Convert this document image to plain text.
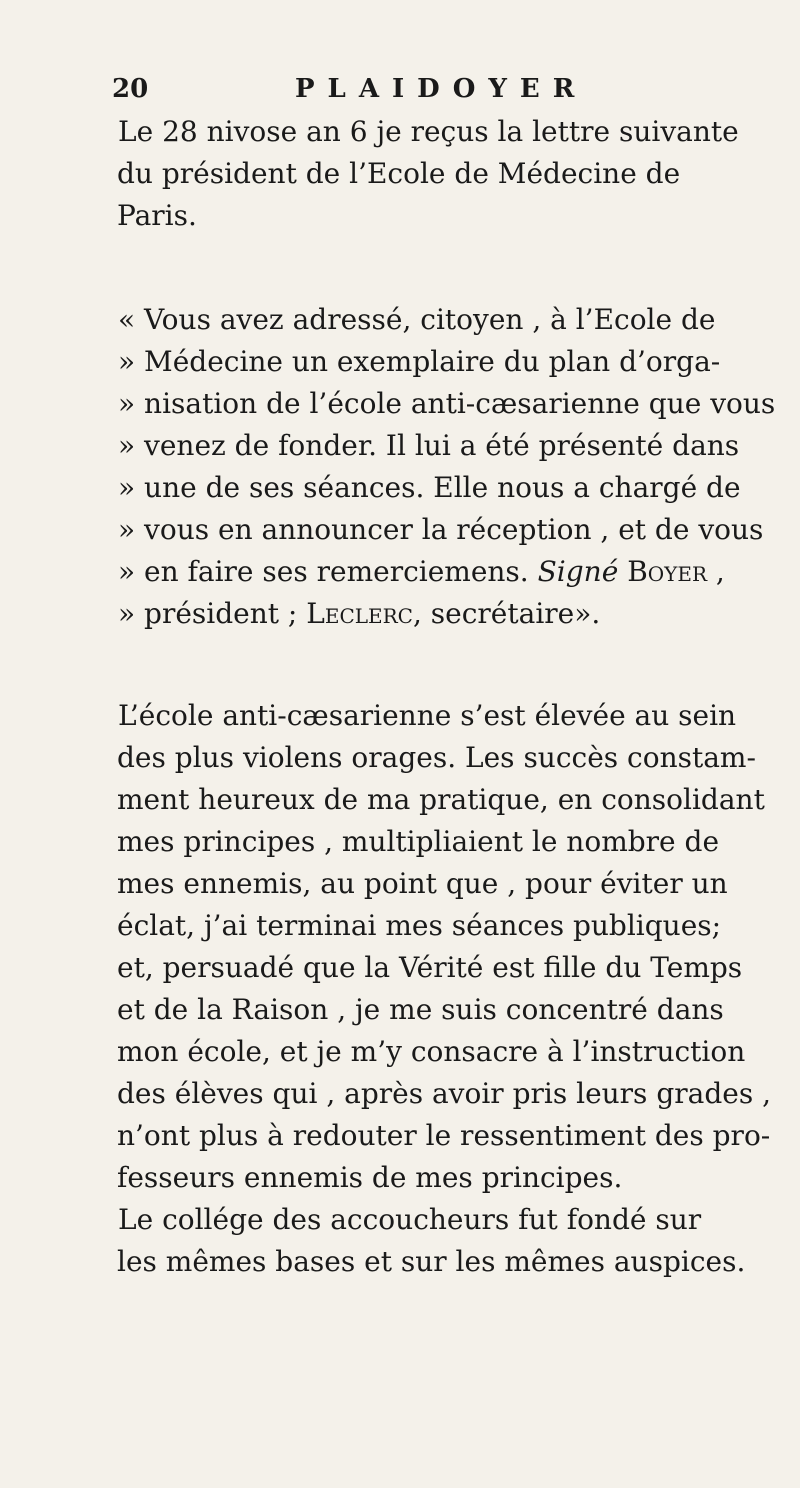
20	PLAIDOYER
Le 28 nivose an 6 je reçus la lettre suivante
du président de l’Ecole de Médecine de
Paris.
« Vous avez adressé, citoyen , à l’Ecole de
» Médecine un exemplaire du plan d’orga-
» nisation de l’école anti-cæsarienne que vous
» venez de fonder. Il lui a été présenté dans
» une de ses séances. Elle nous a chargé de
» vous en announcer la réception , et de vous
» en faire ses remerciemens. Signé Boyer ,
» président ; Leclerc, secrétaire».
L’école anti-cæsarienne s’est élevée au sein
des plus violens orages. Les succès constam-
ment heureux de ma pratique, en consolidant
mes principes , multipliaient le nombre de
mes ennemis, au point que , pour éviter un
éclat, j’ai terminai mes séances publiques;
et, persuadé que la Vérité est fille du Temps
et de la Raison , je me suis concentré dans
mon école, et je m’y consacre à l’instruction
des élèves qui , après avoir pris leurs grades ,
n’ont plus à redouter le ressentiment des pro-
fesseurs ennemis de mes principes.
Le collége des accoucheurs fut fondé sur
les mêmes bases et sur les mêmes auspices.
